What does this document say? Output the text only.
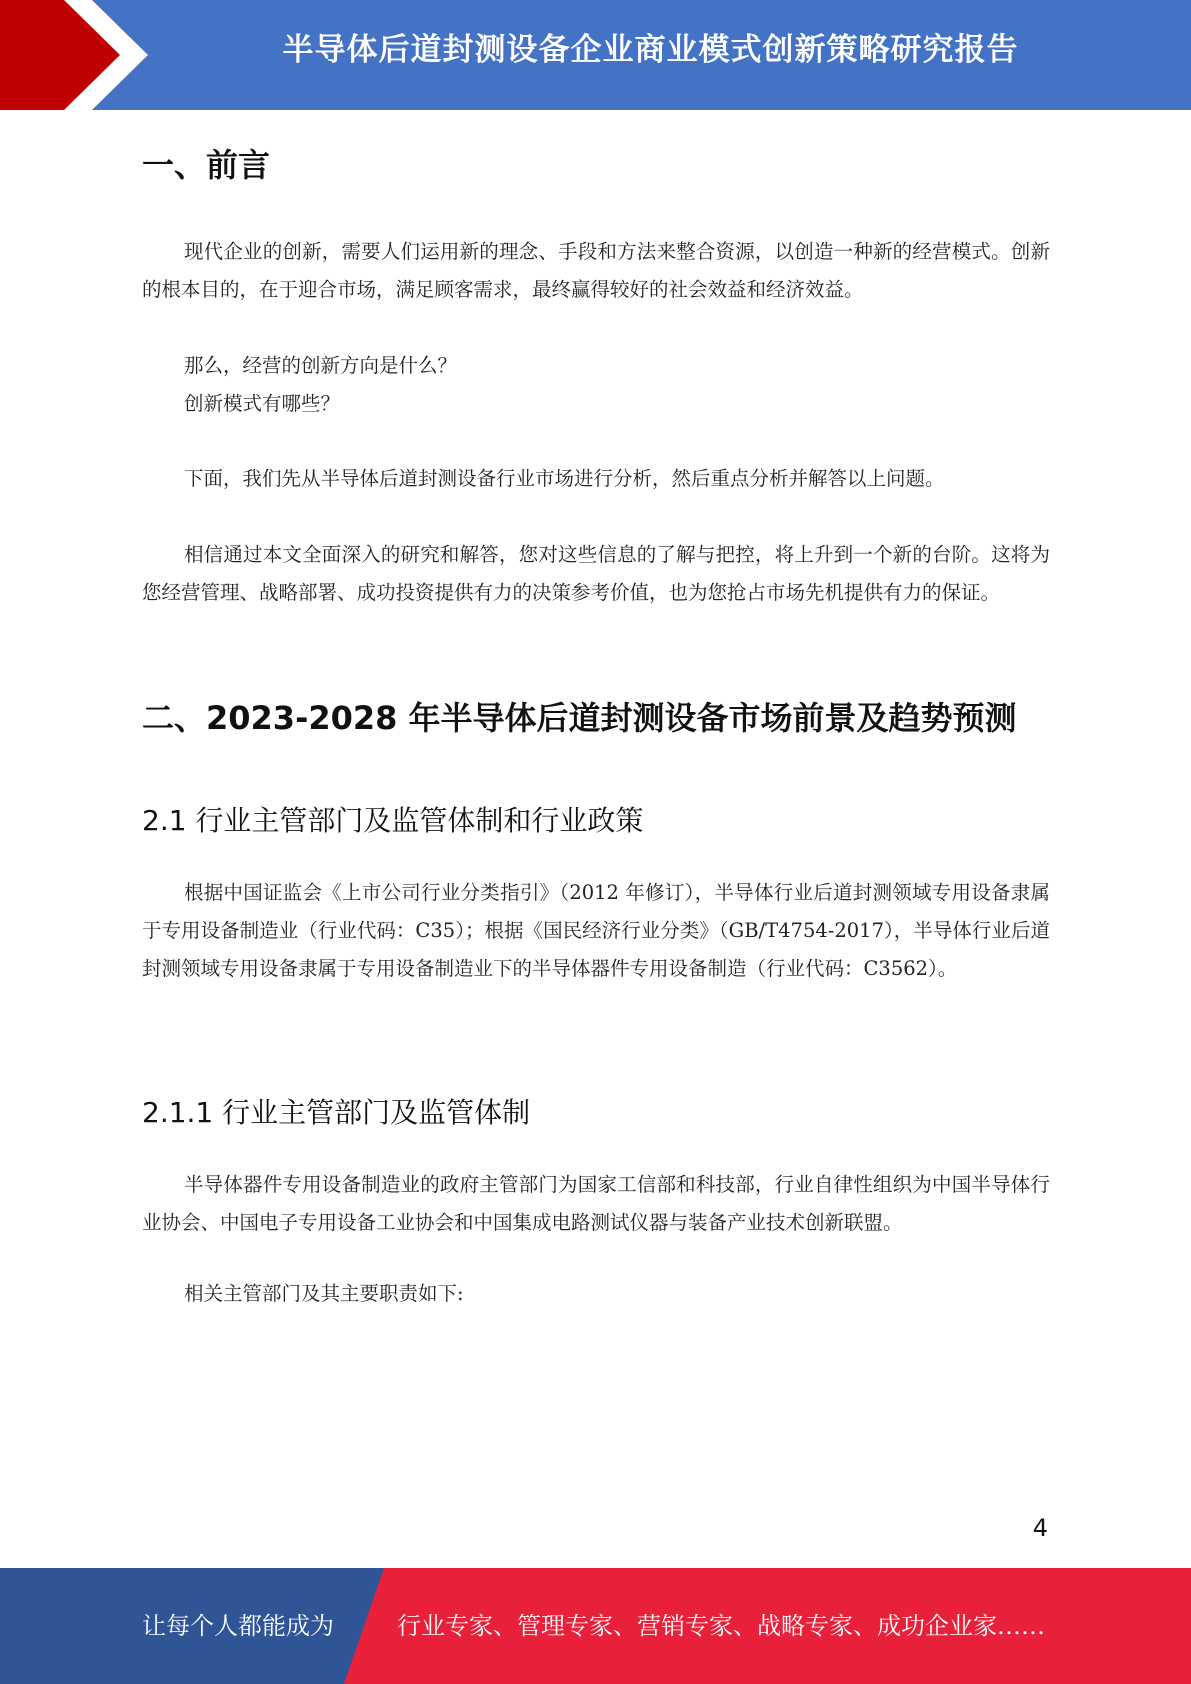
半导体后道封测设备企业商业模式创新策略研究报告
一、前言
现代企业的创新，需要人们运用新的理念、手段和方法来整合资源，以创造一种新的经营模式。创新的根本目的，在于迎合市场，满足顾客需求，最终赢得较好的社会效益和经济效益。
那么，经营的创新方向是什么？
创新模式有哪些？
下面，我们先从半导体后道封测设备行业市场进行分析，然后重点分析并解答以上问题。
相信通过本文全面深入的研究和解答，您对这些信息的了解与把控，将上升到一个新的台阶。这将为您经营管理、战略部署、成功投资提供有力的决策参考价值，也为您抢占市场先机提供有力的保证。
二、2023-2028 年半导体后道封测设备市场前景及趋势预测
2.1 行业主管部门及监管体制和行业政策
根据中国证监会《上市公司行业分类指引》（2012 年修订），半导体行业后道封测领域专用设备隶属于专用设备制造业（行业代码：C35）；根据《国民经济行业分类》（GB/T4754-2017），半导体行业后道封测领域专用设备隶属于专用设备制造业下的半导体器件专用设备制造（行业代码：C3562）。
2.1.1 行业主管部门及监管体制
半导体器件专用设备制造业的政府主管部门为国家工信部和科技部，行业自律性组织为中国半导体行业协会、中国电子专用设备工业协会和中国集成电路测试仪器与装备产业技术创新联盟。
相关主管部门及其主要职责如下:
4
让每个人都能成为	行业专家、管理专家、营销专家、战略专家、成功企业家……
